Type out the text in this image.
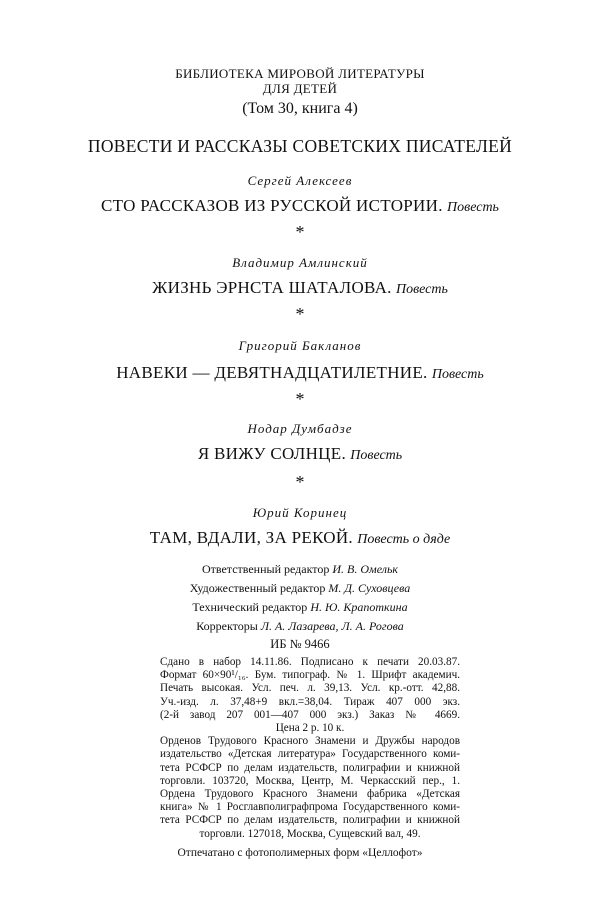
БИБЛИОТЕКА МИРОВОЙ ЛИТЕРАТУРЫ
ДЛЯ ДЕТЕЙ
(Том 30, книга 4)
ПОВЕСТИ И РАССКАЗЫ СОВЕТСКИХ ПИСАТЕЛЕЙ
Сергей Алексеев
СТО РАССКАЗОВ ИЗ РУССКОЙ ИСТОРИИ. Повесть
*
Владимир Амлинский
ЖИЗНЬ ЭРНСТА ШАТАЛОВА. Повесть
*
Григорий Бакланов
НАВЕКИ — ДЕВЯТНАДЦАТИЛЕТНИЕ. Повесть
*
Нодар Думбадзе
Я ВИЖУ СОЛНЦЕ. Повесть
*
Юрий Коринец
ТАМ, ВДАЛИ, ЗА РЕКОЙ. Повесть о дяде
Ответственный редактор И. В. Омельк
Художественный редактор М. Д. Суховцева
Технический редактор Н. Ю. Крапоткина
Корректоры Л. А. Лазарева, Л. А. Рогова
ИБ № 9466
Сдано в набор 14.11.86. Подписано к печати 20.03.87.
Формат 60×90¹/₁₆. Бум. типограф. № 1. Шрифт академич.
Печать высокая. Усл. печ. л. 39,13. Усл. кр.-отт. 42,88.
Уч.-изд. л. 37,48+9 вкл.=38,04. Тираж 407 000 экз.
(2-й завод 207 001—407 000 экз.) Заказ № 4669.
Цена 2 р. 10 к.
Орденов Трудового Красного Знамени и Дружбы народов
издательство «Детская литература» Государственного коми-
тета РСФСР по делам издательств, полиграфии и книжной
торговли. 103720, Москва, Центр, М. Черкасский пер., 1.
Ордена Трудового Красного Знамени фабрика «Детская
книга» № 1 Росглавполиграфпрома Государственного коми-
тета РСФСР по делам издательств, полиграфии и книжной
торговли. 127018, Москва, Сущевский вал, 49.
Отпечатано с фотополимерных форм «Целлофот»
